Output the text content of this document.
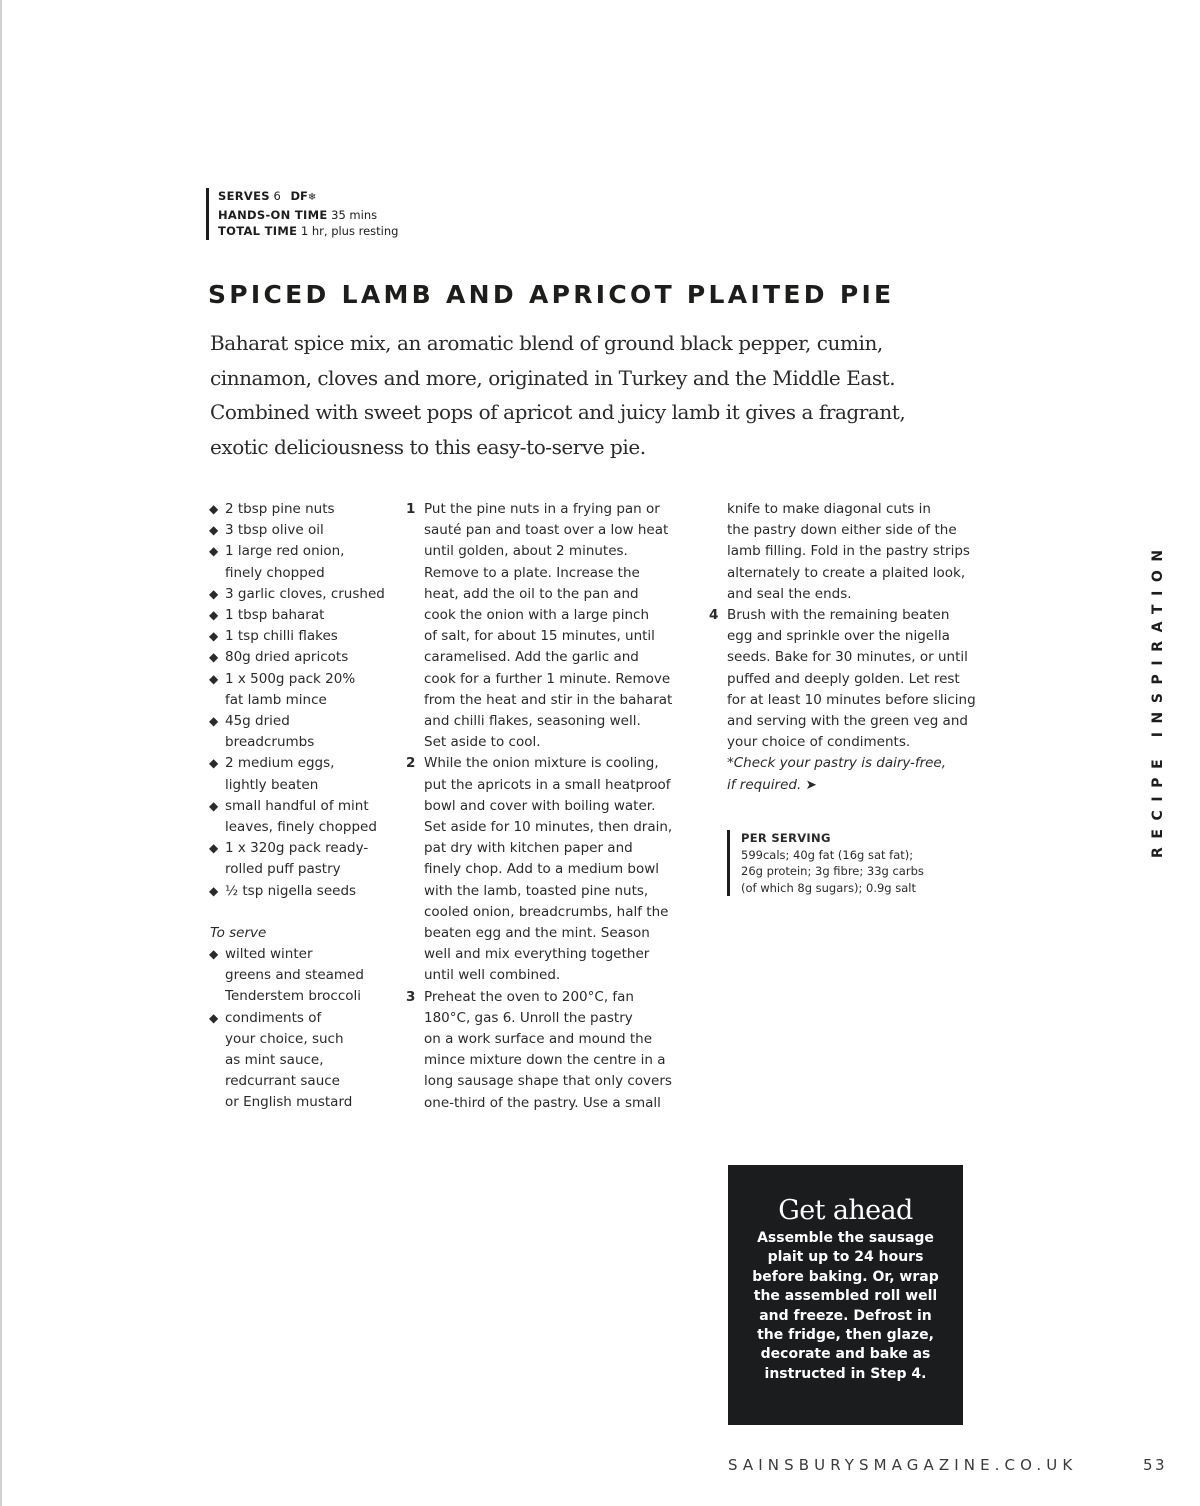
SERVES 6 DF❄
HANDS-ON TIME 35 mins
TOTAL TIME 1 hr, plus resting
SPICED LAMB AND APRICOT PLAITED PIE
Baharat spice mix, an aromatic blend of ground black pepper, cumin,
cinnamon, cloves and more, originated in Turkey and the Middle East.
Combined with sweet pops of apricot and juicy lamb it gives a fragrant,
exotic deliciousness to this easy-to-serve pie.
◆ 2 tbsp pine nuts
◆ 3 tbsp olive oil
◆ 1 large red onion,
finely chopped
◆ 3 garlic cloves, crushed
◆ 1 tbsp baharat
◆ 1 tsp chilli flakes
◆ 80g dried apricots
◆ 1 x 500g pack 20%
fat lamb mince
◆ 45g dried
breadcrumbs
◆ 2 medium eggs,
lightly beaten
◆ small handful of mint
leaves, finely chopped
◆ 1 x 320g pack ready-
rolled puff pastry
◆ ½ tsp nigella seeds
To serve
◆ wilted winter
greens and steamed
Tenderstem broccoli
◆ condiments of
your choice, such
as mint sauce,
redcurrant sauce
or English mustard
1 Put the pine nuts in a frying pan or
sauté pan and toast over a low heat
until golden, about 2 minutes.
Remove to a plate. Increase the
heat, add the oil to the pan and
cook the onion with a large pinch
of salt, for about 15 minutes, until
caramelised. Add the garlic and
cook for a further 1 minute. Remove
from the heat and stir in the baharat
and chilli flakes, seasoning well.
Set aside to cool.
2 While the onion mixture is cooling,
put the apricots in a small heatproof
bowl and cover with boiling water.
Set aside for 10 minutes, then drain,
pat dry with kitchen paper and
finely chop. Add to a medium bowl
with the lamb, toasted pine nuts,
cooled onion, breadcrumbs, half the
beaten egg and the mint. Season
well and mix everything together
until well combined.
3 Preheat the oven to 200°C, fan
180°C, gas 6. Unroll the pastry
on a work surface and mound the
mince mixture down the centre in a
long sausage shape that only covers
one-third of the pastry. Use a small
knife to make diagonal cuts in
the pastry down either side of the
lamb filling. Fold in the pastry strips
alternately to create a plaited look,
and seal the ends.
4 Brush with the remaining beaten
egg and sprinkle over the nigella
seeds. Bake for 30 minutes, or until
puffed and deeply golden. Let rest
for at least 10 minutes before slicing
and serving with the green veg and
your choice of condiments.
*Check your pastry is dairy-free,
if required. ➤
PER SERVING
599cals; 40g fat (16g sat fat);
26g protein; 3g fibre; 33g carbs
(of which 8g sugars); 0.9g salt
RECIPE INSPIRATION
Get ahead
Assemble the sausage plait up to 24 hours before baking. Or, wrap the assembled roll well and freeze. Defrost in the fridge, then glaze, decorate and bake as instructed in Step 4.
SAINSBURYSMAGAZINE.CO.UK	53
